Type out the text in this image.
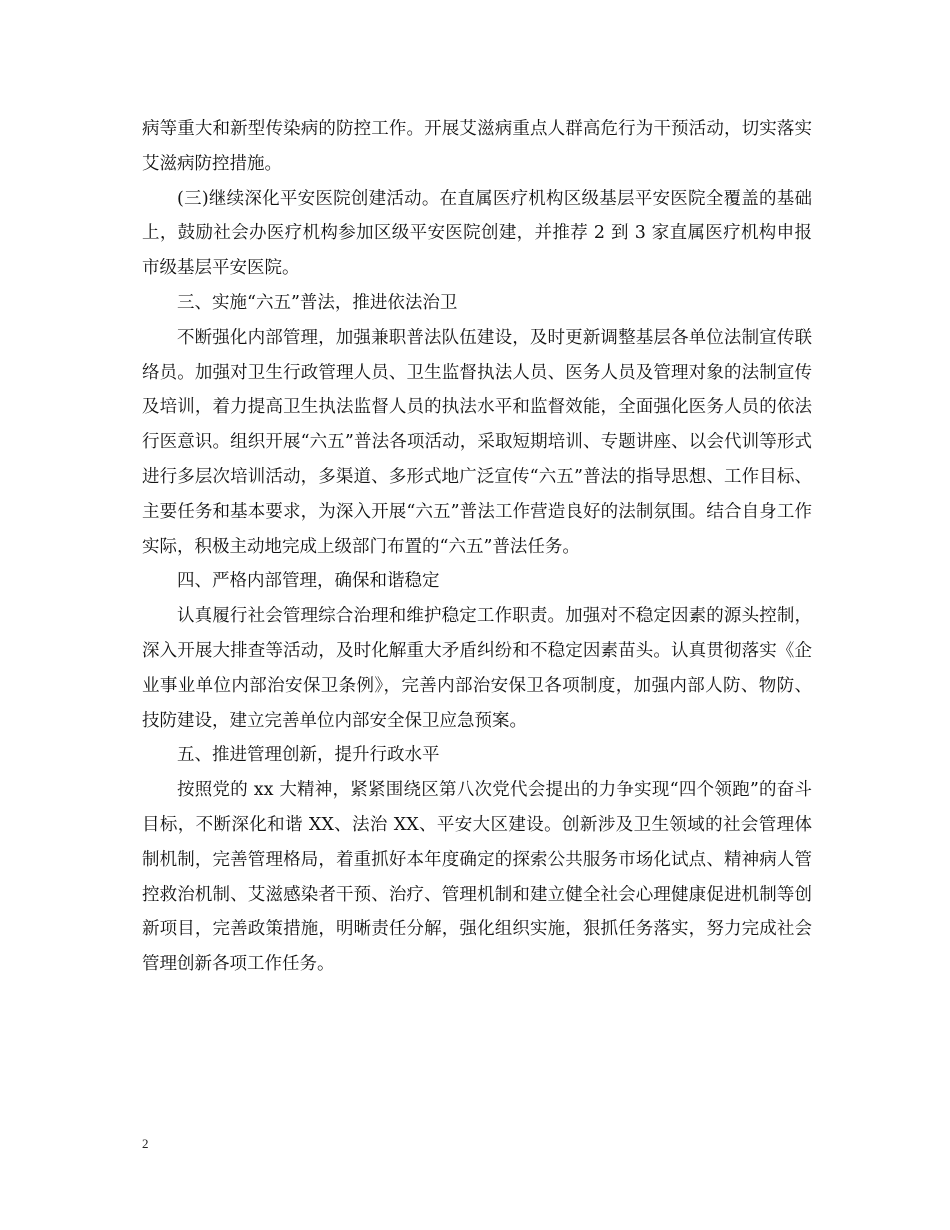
病等重大和新型传染病的防控工作。开展艾滋病重点人群高危行为干预活动，切实落实艾滋病防控措施。

(三)继续深化平安医院创建活动。在直属医疗机构区级基层平安医院全覆盖的基础上，鼓励社会办医疗机构参加区级平安医院创建，并推荐 2 到 3 家直属医疗机构申报市级基层平安医院。

三、实施“六五”普法，推进依法治卫

不断强化内部管理，加强兼职普法队伍建设，及时更新调整基层各单位法制宣传联络员。加强对卫生行政管理人员、卫生监督执法人员、医务人员及管理对象的法制宣传及培训，着力提高卫生执法监督人员的执法水平和监督效能，全面强化医务人员的依法行医意识。组织开展“六五”普法各项活动，采取短期培训、专题讲座、以会代训等形式进行多层次培训活动，多渠道、多形式地广泛宣传“六五”普法的指导思想、工作目标、主要任务和基本要求，为深入开展“六五”普法工作营造良好的法制氛围。结合自身工作实际，积极主动地完成上级部门布置的“六五”普法任务。

四、严格内部管理，确保和谐稳定

认真履行社会管理综合治理和维护稳定工作职责。加强对不稳定因素的源头控制，深入开展大排查等活动，及时化解重大矛盾纠纷和不稳定因素苗头。认真贯彻落实《企业事业单位内部治安保卫条例》，完善内部治安保卫各项制度，加强内部人防、物防、技防建设，建立完善单位内部安全保卫应急预案。

五、推进管理创新，提升行政水平

按照党的 xx 大精神，紧紧围绕区第八次党代会提出的力争实现“四个领跑”的奋斗目标，不断深化和谐 XX、法治 XX、平安大区建设。创新涉及卫生领域的社会管理体制机制，完善管理格局，着重抓好本年度确定的探索公共服务市场化试点、精神病人管控救治机制、艾滋感染者干预、治疗、管理机制和建立健全社会心理健康促进机制等创新项目，完善政策措施，明晰责任分解，强化组织实施，狠抓任务落实，努力完成社会管理创新各项工作任务。

2
